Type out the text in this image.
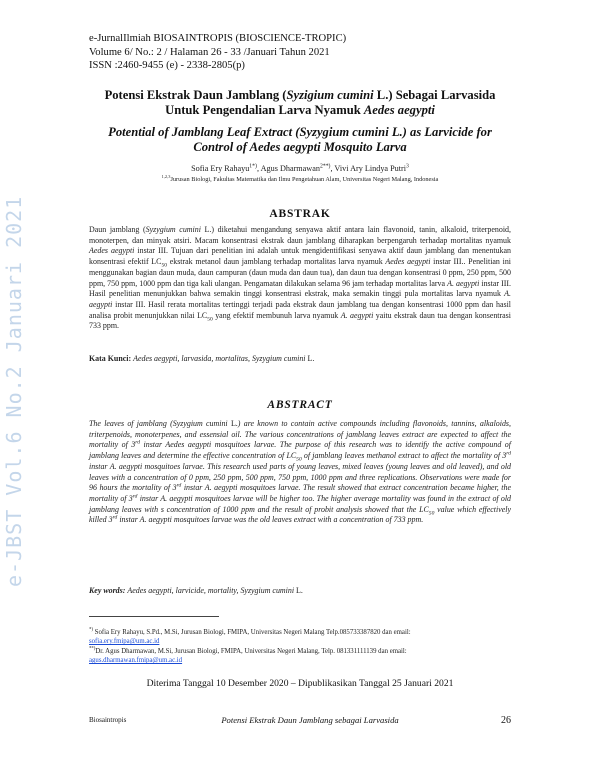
e-JurnalIlmiah BIOSAINTROPIS (BIOSCIENCE-TROPIC)
Volume 6/ No.: 2 / Halaman 26 - 33 /Januari Tahun 2021
ISSN :2460-9455 (e) - 2338-2805(p)
e-JBST Vol.6 No.2 Januari 2021
Potensi Ekstrak Daun Jamblang (Syzigium cumini L.) Sebagai Larvasida
Untuk Pengendalian Larva Nyamuk Aedes aegypti
Potential of Jamblang Leaf Extract (Syzygium cumini L.) as Larvicide for
Control of Aedes aegypti Mosquito Larva
Sofia Ery Rahayu$^{1*)}$, Agus Dharmawan$^{2**)}$, Vivi Ary Lindya Putri$^3$
$^{1,2,3}$Jurusan Biologi, Fakultas Matematika dan Ilmu Pengetahuan Alam, Universitas Negeri Malang, Indonesia
ABSTRAK
Daun jamblang (Syzygium cumini L.) diketahui mengandung senyawa aktif antara lain flavonoid, tanin, alkaloid, triterpenoid, monoterpen, dan minyak atsiri. Macam konsentrasi ekstrak daun jamblang diharapkan berpengaruh terhadap mortalitas nyamuk Aedes aegypti instar III. Tujuan dari penelitian ini adalah untuk mengidentifikasi senyawa aktif daun jamblang dan menentukan konsentrasi efektif $LC_{50}$ ekstrak metanol daun jamblang terhadap mortalitas larva nyamuk Aedes aegypti instar III.. Penelitian ini menggunakan bagian daun muda, daun campuran (daun muda dan daun tua), dan daun tua dengan konsentrasi 0 ppm, 250 ppm, 500 ppm, 750 ppm, 1000 ppm dan tiga kali ulangan. Pengamatan dilakukan selama 96 jam terhadap mortalitas larva A. aegypti instar III. Hasil penelitian menunjukkan bahwa semakin tinggi konsentrasi ekstrak, maka semakin tinggi pula mortalitas larva nyamuk A. aegypti instar III. Hasil rerata mortalitas tertinggi terjadi pada ekstrak daun jamblang tua dengan konsentrasi 1000 ppm dan hasil analisa probit menunjukkan nilai $LC_{50}$ yang efektif membunuh larva nyamuk A. aegypti yaitu ekstrak daun tua dengan konsentrasi 733 ppm.
Kata Kunci: Aedes aegypti, larvasida, mortalitas, Syzygium cumini L.
ABSTRACT
The leaves of jamblang (Syzygium cumini L.) are known to contain active compounds including flavonoids, tannins, alkaloids, triterpenoids, monoterpenes, and essensial oil. The various concentrations of jamblang leaves extract are expected to affect the mortality of 3rd instar Aedes aegypti mosquitoes larvae. The purpose of this research was to identify the active compound of jamblang leaves and determine the effective concentration of $LC_{50}$ of jamblang leaves methanol extract to affect the mortality of 3rd instar A. aegypti mosquitoes larvae. This research used parts of young leaves, mixed leaves (young leaves and old leaved), and old leaves with a concentration of 0 ppm, 250 ppm, 500 ppm, 750 ppm, 1000 ppm and three replications. Observations were made for 96 hours the mortality of 3rd instar A. aegypti mosquitoes larvae. The result showed that extract concentration became higher, the mortality of 3rd instar A. aegypti mosquitoes larvae will be higher too. The higher average mortality was found in the extract of old jamblang leaves with s concentration of 1000 ppm and the result of probit analysis showed that the $LC_{50}$ value which effectively killed 3rd instar A. aegypti mosquitoes larvae was the old leaves extract with a concentration of 733 ppm.
Key words: Aedes aegypti, larvicide, mortality, Syzygium cumini L.
*) Sofia Ery Rahayu, S.Pd., M.Si, Jurusan Biologi, FMIPA, Universitas Negeri Malang Telp.085733387820 dan email:
sofia.ery.fmipa@um.ac.id
**)Dr. Agus Dharmawan, M.Si, Jurusan Biologi, FMIPA, Universitas Negeri Malang, Telp. 081331111139 dan email:
agus.dharmawan.fmipa@um.ac.id
Diterima Tanggal 10 Desember 2020 – Dipublikasikan Tanggal 25 Januari 2021
Biosaintropis	Potensi Ekstrak Daun Jamblang sebagai Larvasida	26
